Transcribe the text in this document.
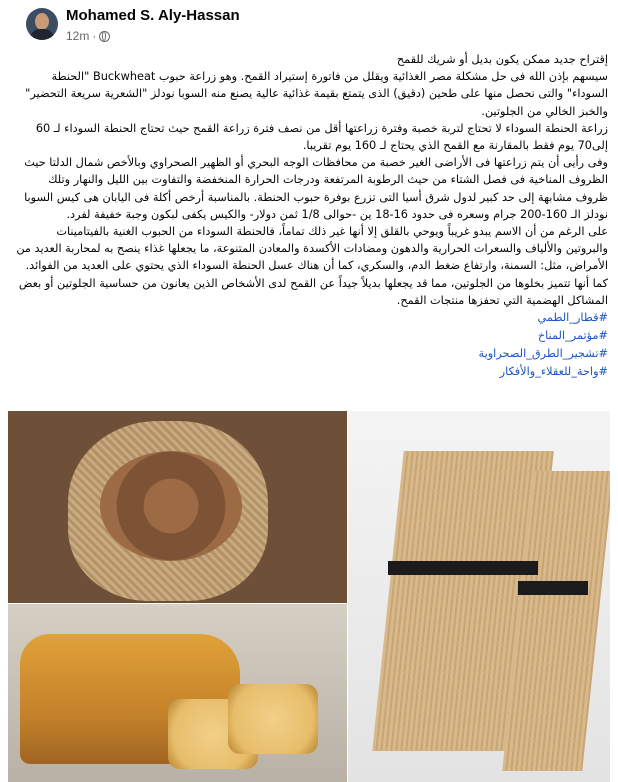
Mohamed S. Aly-Hassan
12m ·

إقتراح جديد ممكن يكون بديل أو شريك للقمح

سيسهم بإذن الله فى حل مشكلة مصر الغذائية ويقلل من فاتورة إستيراد القمح. وهو زراعة حبوب Buckwheat "الحنطة السوداء" والتى نحصل منها على طحين (دقيق) الذى يتمتع بقيمة غذائية عالية يصنع منه السوبا نودلز "الشعرية سريعة التحضير" والخبز الخالي من الجلوتين.

زراعة الحنطة السوداء لا تحتاج لتربة خصبة وفترة زراعتها أقل من نصف فترة زراعة القمح حيث تحتاج الحنطة السوداء لـ 60 إلى70 يوم فقط بالمقارنة مع القمح الذي يحتاج لـ 160 يوم تقريبا.

وفى رأيى أن يتم زراعتها فى الأراضى الغير خصبة من محافظات الوجه البحري أو الظهير الصحراوي وبالأخص شمال الدلتا حيث الظروف المناخية فى فصل الشتاء من حيث الرطوبة المرتفعة ودرجات الحرارة المنخفضة والتفاوت بين الليل والنهار وتلك ظروف مشابهة إلى حد كبير لدول شرق أسيا التى تزرع بوفرة حبوب الحنطة. بالمناسبة أرخص أكلة فى اليابان هى كيس السوبا نودلز الـ 160-200 جرام وسعره فى حدود 16-18 ين -حوالى 1/8 ثمن دولار- والكيس يكفى لبكون وجبة خفيفة لفرد.

على الرغم من أن الاسم يبدو غريباً ويوحي بالقلق إلا أنها غير ذلك تماماً، فالحنطة السوداء من الحبوب الغنية بالفيتامينات والبروتين والألياف والسعرات الحرارية والدهون ومضادات الأكسدة والمعادن المتنوعة، ما يجعلها غذاء ينصح به لمحاربة العديد من الأمراض، مثل: السمنة، وارتفاع ضغط الدم، والسكري، كما أن هناك عسل الحنطة السوداء الذي يحتوي على العديد من الفوائد. كما أنها تتميز بخلوها من الجلوتين، مما قد يجعلها بديلاً جيداً عن القمح لدى الأشخاص الذين يعانون من حساسية الجلوتين أو بعض المشاكل الهضمية التي تحفزها منتجات القمح.

#قطار_الطمي
#مؤتمر_المناخ
#تشجير_الطرق_الصحراوية
#واحة_للعقلاء_والأفكار
